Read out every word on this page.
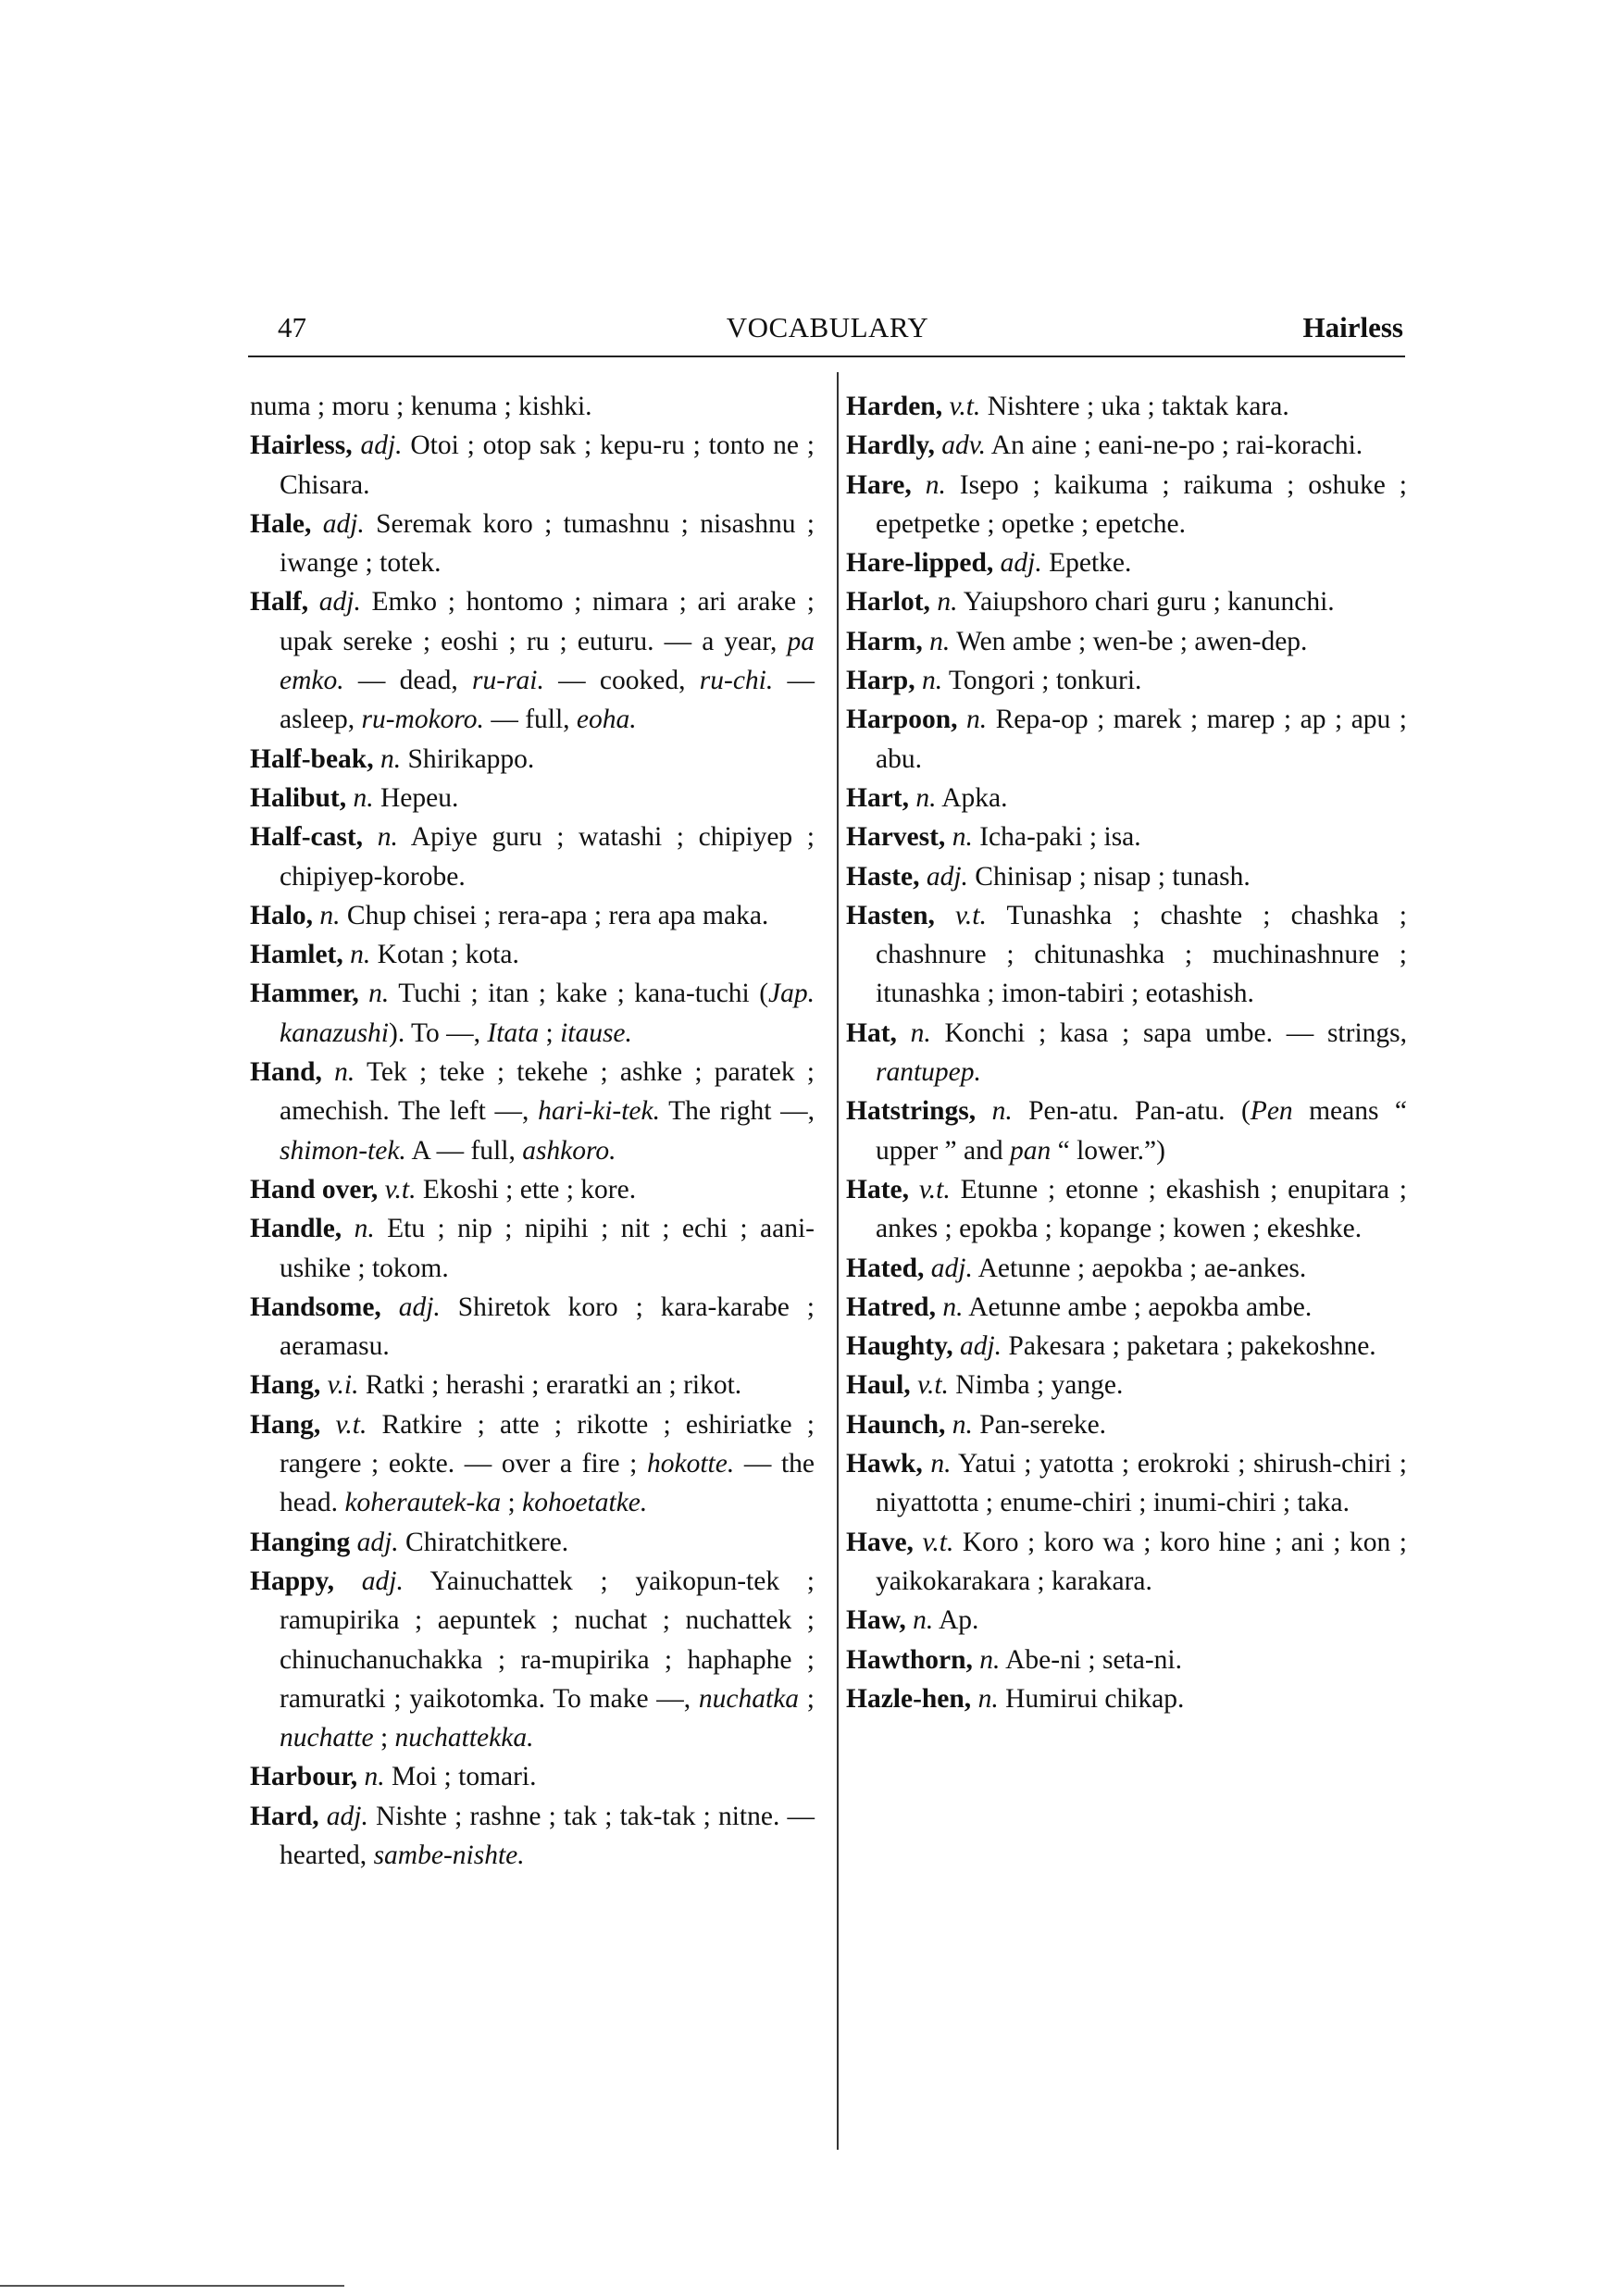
47	VOCABULARY	Hairless

numa ; moru ; kenuma ; kishki.

Hairless, adj. Otoi ; otop sak ; kepu-ru ; tonto ne ; Chisara.

Hale, adj. Seremak koro ; tumashnu ; nisashnu ; iwange ; totek.

Half, adj. Emko ; hontomo ; nimara ; ari arake ; upak sereke ; eoshi ; ru ; euturu. — a year, pa emko. — dead, ru-rai. — cooked, ru-chi. — asleep, ru-mokoro. — full, eoha.

Half-beak, n. Shirikappo.

Halibut, n. Hepeu.

Half-cast, n. Apiye guru ; watashi ; chipiyep ; chipiyep-korobe.

Halo, n. Chup chisei ; rera-apa ; rera apa maka.

Hamlet, n. Kotan ; kota.

Hammer, n. Tuchi ; itan ; kake ; kana-tuchi (Jap. kanazushi). To —, Itata ; itause.

Hand, n. Tek ; teke ; tekehe ; ashke ; paratek ; amechish. The left —, hari-ki-tek. The right —, shimon-tek. A — full, ashkoro.

Hand over, v.t. Ekoshi ; ette ; kore.

Handle, n. Etu ; nip ; nipihi ; nit ; echi ; aani-ushike ; tokom.

Handsome, adj. Shiretok koro ; kara-karabe ; aeramasu.

Hang, v.i. Ratki ; herashi ; eraratki an ; rikot.

Hang, v.t. Ratkire ; atte ; rikotte ; eshiriatke ; rangere ; eokte. — over a fire ; hokotte. — the head. koherautek-ka ; kohoetatke.

Hanging adj. Chiratchitkere.

Happy, adj. Yainuchattek ; yaikopun-tek ; ramupirika ; aepuntek ; nuchat ; nuchattek ; chinuchanuchakka ; ra-mupirika ; haphaphe ; ramuratki ; yaikotomka. To make —, nuchatka ; nuchatte ; nuchattekka.

Harbour, n. Moi ; tomari.

Hard, adj. Nishte ; rashne ; tak ; tak-tak ; nitne. — hearted, sambe-nishte.

Harden, v.t. Nishtere ; uka ; taktak kara.

Hardly, adv. An aine ; eani-ne-po ; rai-korachi.

Hare, n. Isepo ; kaikuma ; raikuma ; oshuke ; epetpetke ; opetke ; epetche.

Hare-lipped, adj. Epetke.

Harlot, n. Yaiupshoro chari guru ; kanunchi.

Harm, n. Wen ambe ; wen-be ; awen-dep.

Harp, n. Tongori ; tonkuri.

Harpoon, n. Repa-op ; marek ; marep ; ap ; apu ; abu.

Hart, n. Apka.

Harvest, n. Icha-paki ; isa.

Haste, adj. Chinisap ; nisap ; tunash.

Hasten, v.t. Tunashka ; chashte ; chashka ; chashnure ; chitunashka ; muchinashnure ; itunashka ; imon-tabiri ; eotashish.

Hat, n. Konchi ; kasa ; sapa umbe. — strings, rantupep.

Hatstrings, n. Pen-atu. Pan-atu. (Pen means “ upper ” and pan “ lower.”)

Hate, v.t. Etunne ; etonne ; ekashish ; enupitara ; ankes ; epokba ; kopange ; kowen ; ekeshke.

Hated, adj. Aetunne ; aepokba ; ae-ankes.

Hatred, n. Aetunne ambe ; aepokba ambe.

Haughty, adj. Pakesara ; paketara ; pakekoshne.

Haul, v.t. Nimba ; yange.

Haunch, n. Pan-sereke.

Hawk, n. Yatui ; yatotta ; erokroki ; shirush-chiri ; niyattotta ; enume-chiri ; inumi-chiri ; taka.

Have, v.t. Koro ; koro wa ; koro hine ; ani ; kon ; yaikokarakara ; karakara.

Haw, n. Ap.

Hawthorn, n. Abe-ni ; seta-ni.

Hazle-hen, n. Humirui chikap.
